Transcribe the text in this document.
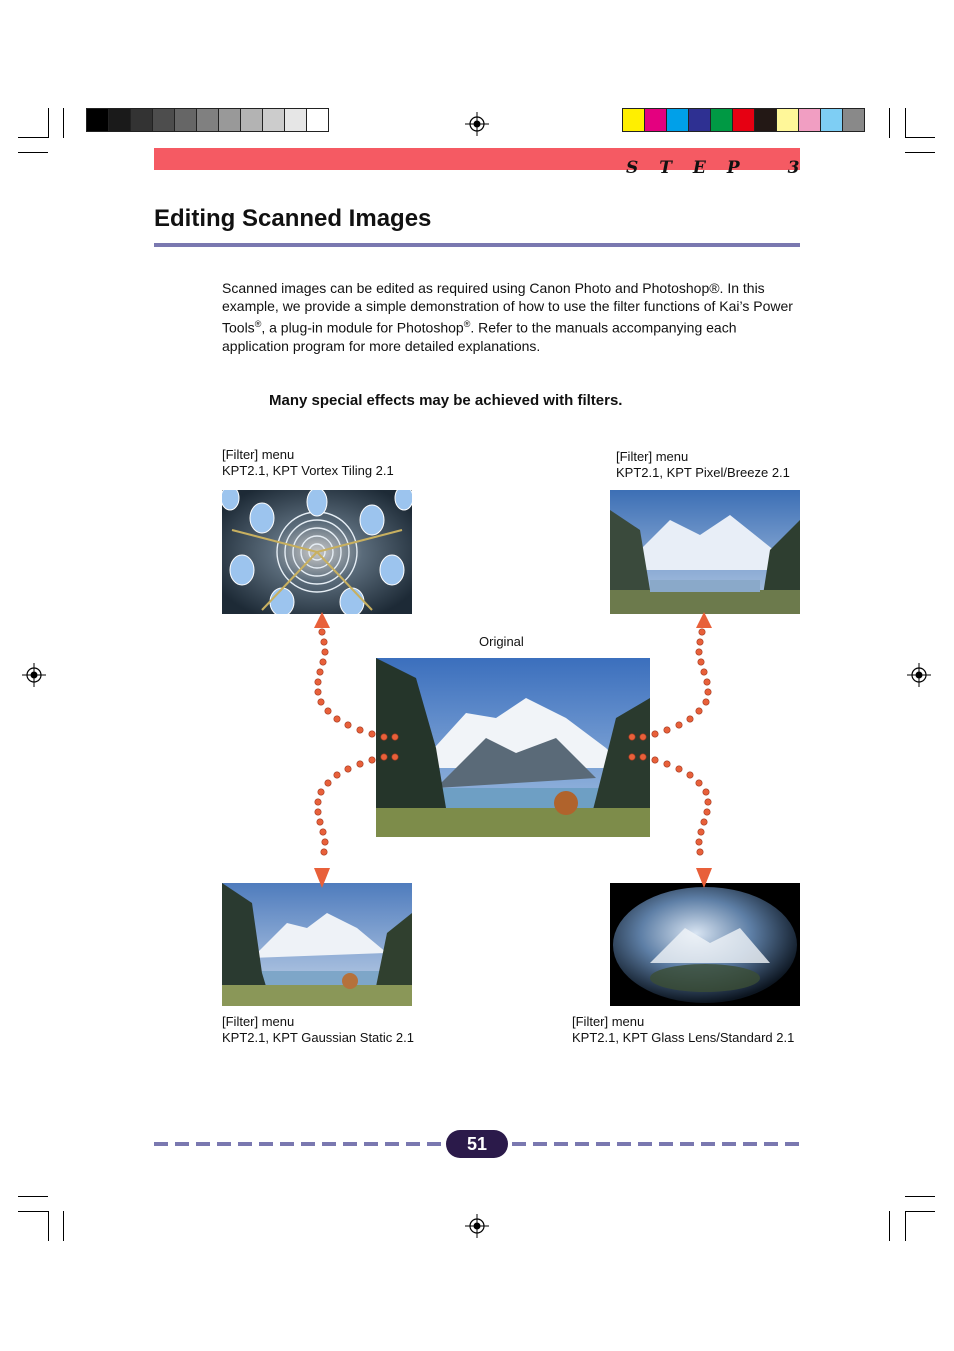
STEP 3
Editing Scanned Images
Scanned images can be edited as required using Canon Photo and Photoshop®. In this example, we provide a simple demonstration of how to use the filter functions of Kai’s Power Tools®, a plug-in module for Photoshop®. Refer to the manuals accompanying each application program for more detailed explanations.
Many special effects may be achieved with filters.
[Filter] menu
KPT2.1, KPT Vortex Tiling 2.1
[Filter] menu
KPT2.1, KPT Pixel/Breeze 2.1
Original
[Filter] menu
KPT2.1, KPT Gaussian Static 2.1
[Filter] menu
KPT2.1, KPT Glass Lens/Standard 2.1
51
